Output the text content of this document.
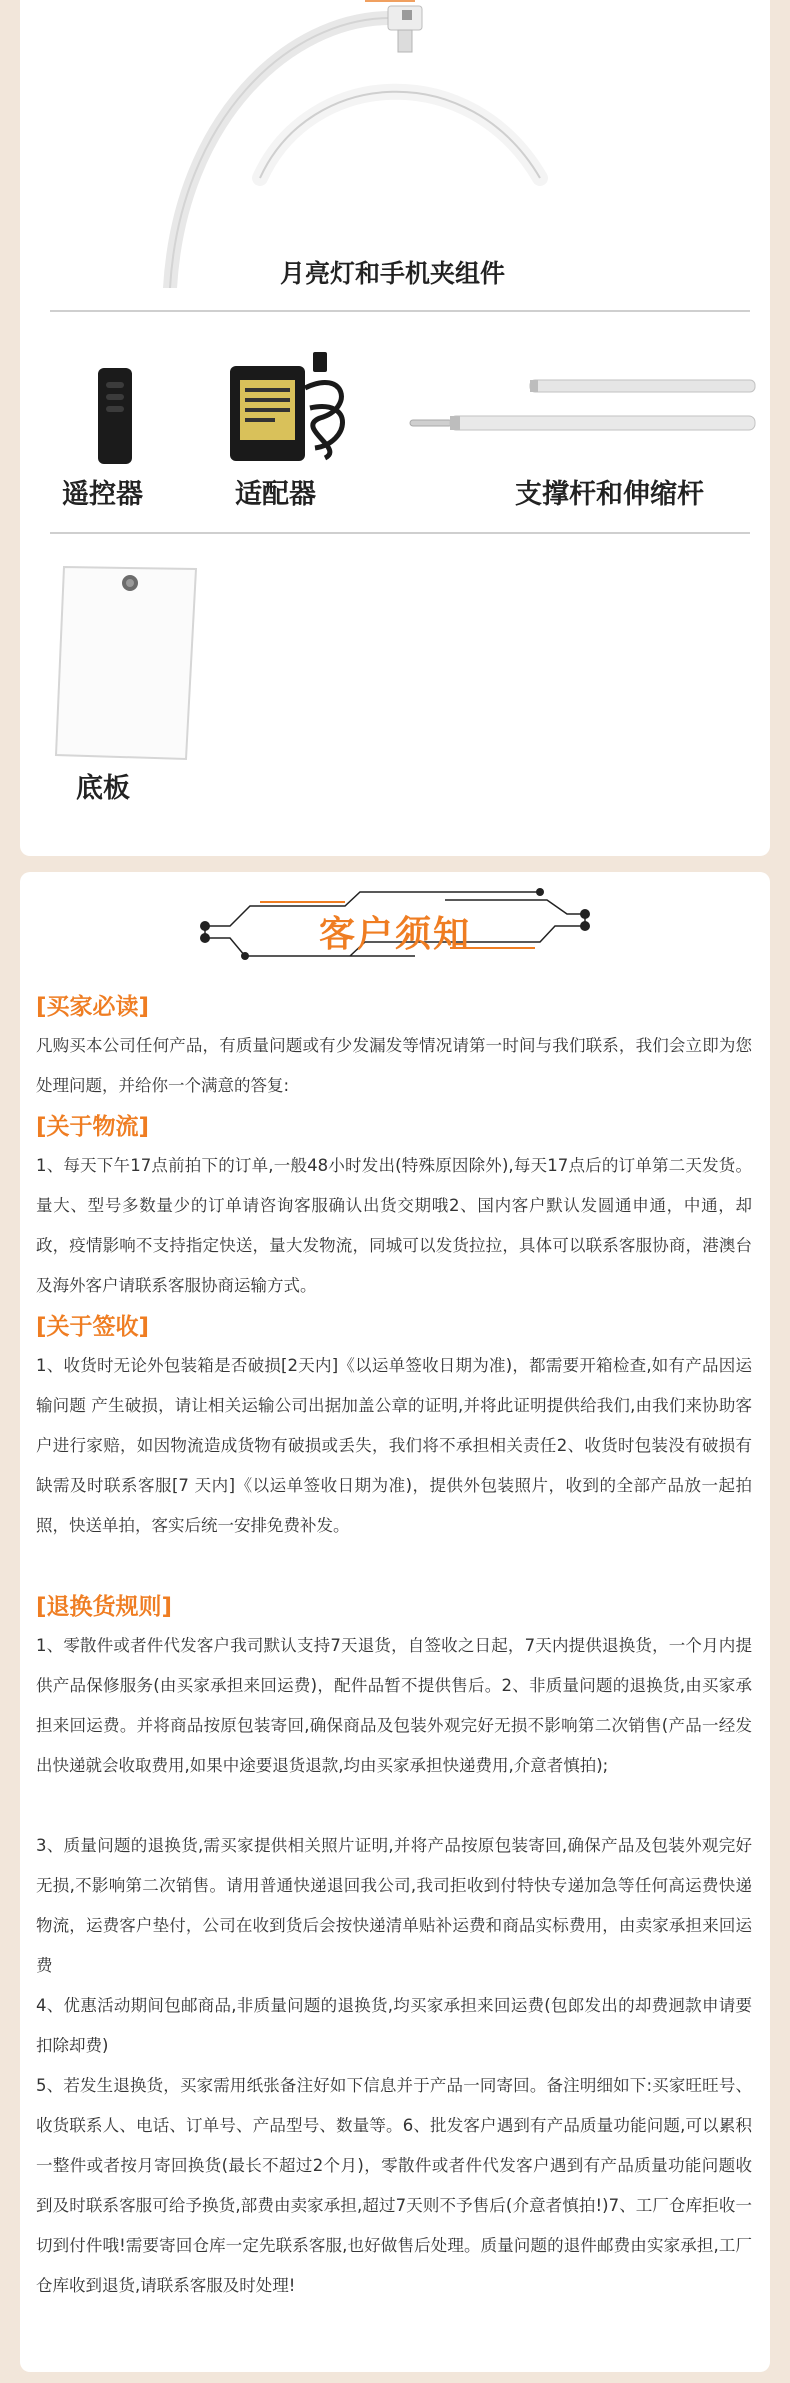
月亮灯和手机夹组件
遥控器	适配器	支撑杆和伸缩杆
底板
客户须知
[买家必读]
凡购买本公司任何产品，有质量问题或有少发漏发等情况请第一时间与我们联系，我们会立即为您处理问题，并给你一个满意的答复:
[关于物流]
1、每天下午17点前拍下的订单,一般48小时发出(特殊原因除外),每天17点后的订单第二天发货。量大、型号多数量少的订单请咨询客服确认出货交期哦2、国内客户默认发圆通申通，中通，却政，疫情影响不支持指定快送，量大发物流，同城可以发货拉拉，具体可以联系客服协商，港澳台及海外客户请联系客服协商运输方式。
[关于签收]
1、收货时无论外包装箱是否破损[2天内]《以运单签收日期为准)，都需要开箱检查,如有产品因运输问题 产生破损，请让相关运输公司出据加盖公章的证明,并将此证明提供给我们,由我们来协助客户进行家赔，如因物流造成货物有破损或丢失，我们将不承担相关责任2、收货时包装没有破损有缺需及时联系客服[7 天内]《以运单签收日期为准)，提供外包装照片，收到的全部产品放一起拍照，快送单拍，客实后统一安排免费补发。
[退换货规则]
1、零散件或者件代发客户我司默认支持7天退货，自签收之日起，7天内提供退换货，一个月内提供产品保修服务(由买家承担来回运费)，配件品暂不提供售后。2、非质量问题的退换货,由买家承担来回运费。并将商品按原包装寄回,确保商品及包装外观完好无损不影响第二次销售(产品一经发出快递就会收取费用,如果中途要退货退款,均由买家承担快递费用,介意者慎拍);
3、质量问题的退换货,需买家提供相关照片证明,并将产品按原包装寄回,确保产品及包装外观完好无损,不影响第二次销售。请用普通快递退回我公司,我司拒收到付特快专递加急等任何高运费快递物流，运费客户垫付，公司在收到货后会按快递清单贴补运费和商品实标费用，由卖家承担来回运费
4、优惠活动期间包邮商品,非质量问题的退换货,均买家承担来回运费(包郎发出的却费迥款申请要扣除却费)
5、若发生退换货，买家需用纸张备注好如下信息并于产品一同寄回。备注明细如下:买家旺旺号、收货联系人、电话、订单号、产品型号、数量等。6、批发客户遇到有产品质量功能问题,可以累积一整件或者按月寄回换货(最长不超过2个月)，零散件或者件代发客户遇到有产品质量功能问题收到及时联系客服可给予换货,部费由卖家承担,超过7天则不予售后(介意者慎拍!)7、工厂仓库拒收一切到付件哦!需要寄回仓库一定先联系客服,也好做售后处理。质量问题的退件邮费由实家承担,工厂仓库收到退货,请联系客服及时处理!
